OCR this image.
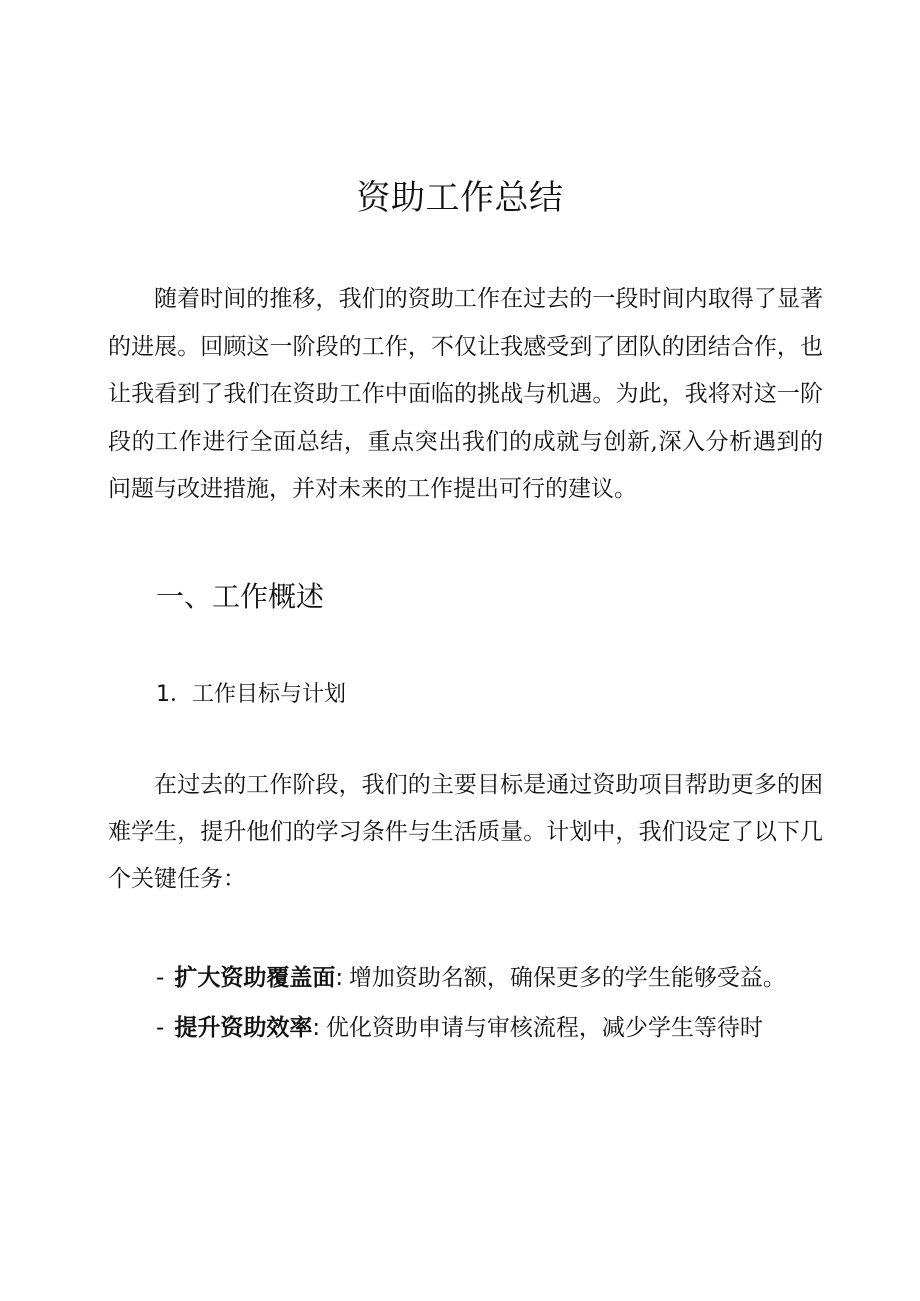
资助工作总结

随着时间的推移，我们的资助工作在过去的一段时间内取得了显著的进展。回顾这一阶段的工作，不仅让我感受到了团队的团结合作，也让我看到了我们在资助工作中面临的挑战与机遇。为此，我将对这一阶段的工作进行全面总结，重点突出我们的成就与创新,深入分析遇到的问题与改进措施，并对未来的工作提出可行的建议。

一、工作概述
1．工作目标与计划

在过去的工作阶段，我们的主要目标是通过资助项目帮助更多的困难学生，提升他们的学习条件与生活质量。计划中，我们设定了以下几个关键任务：

- 扩大资助覆盖面: 增加资助名额，确保更多的学生能够受益。
- 提升资助效率: 优化资助申请与审核流程，减少学生等待时
